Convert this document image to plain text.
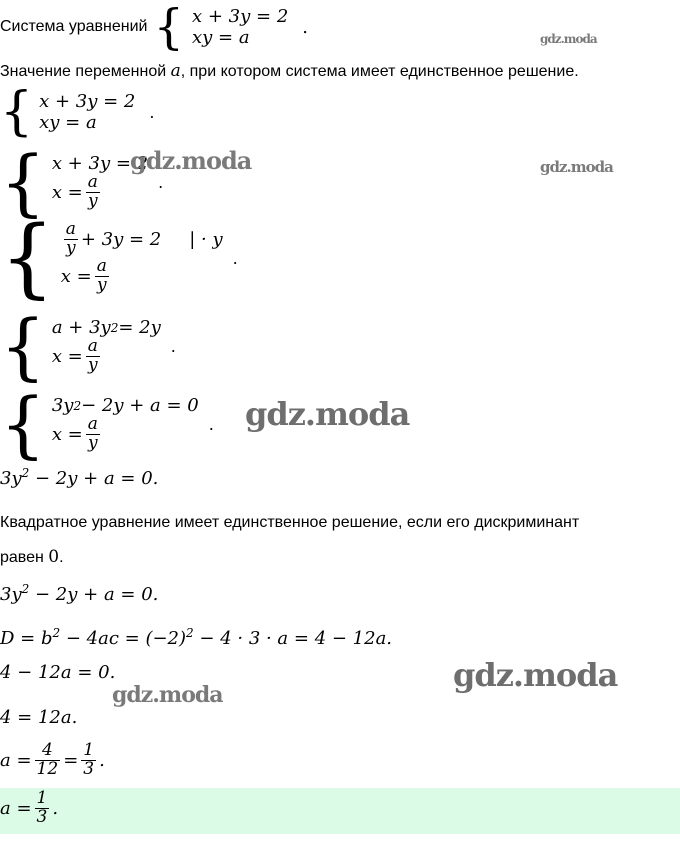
Система уравнений { x + 3y = 2
xy = a	.
gdz.moda
Значение переменной a, при котором система имеет единственное решение.
{ x + 3y = 2
xy = a	.
{ x + 3y = 2
$x = \frac{a}{y}$	.
gdz.moda	gdz.moda
{ $\frac{a}{y} + 3y = 2$ | · y
$x = \frac{a}{y}$	.
{ a + 3y 2 = 2y
$x = \frac{a}{y}$	.
{ 3y 2 − 2y + a = 0
$x = \frac{a}{y}$	. gdz.moda
$3y^2 - 2y + a = 0$.
Квадратное уравнение имеет единственное решение, если его дискриминант
равен 0.
$3y^2 - 2y + a = 0$.
$D = b^2 - 4ac = (-2)^2 - 4 \cdot 3 \cdot a = 4 - 12a$.
4 − 12a = 0.	gdz.moda
gdz.moda
4 = 12a.
$a = \frac{4}{12} = \frac{1}{3}$ .
$a = \frac{1}{3}$ .
